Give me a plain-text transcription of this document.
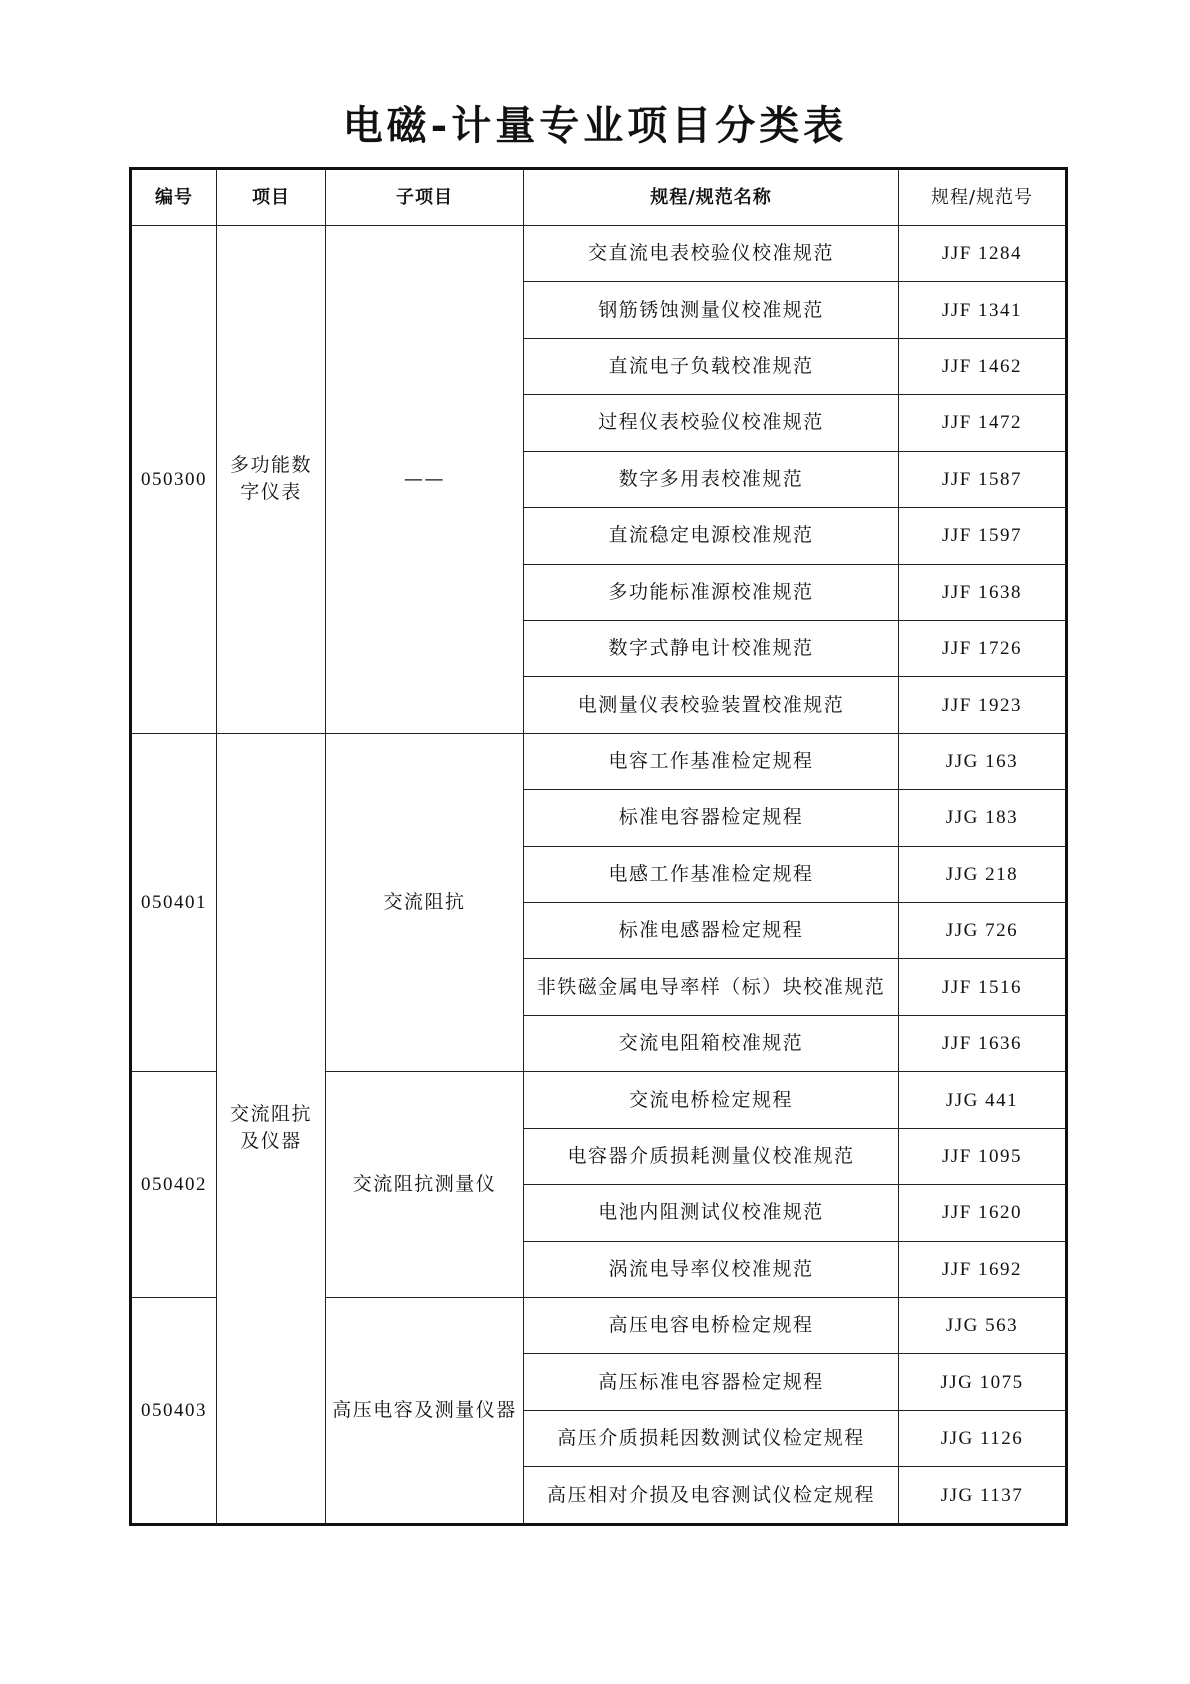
电磁-计量专业项目分类表
编号	项目	子项目	规程/规范名称	规程/规范号
050300	多功能数字仪表	——	交直流电表校验仪校准规范	JJF 1284
			钢筋锈蚀测量仪校准规范	JJF 1341
			直流电子负载校准规范	JJF 1462
			过程仪表校验仪校准规范	JJF 1472
			数字多用表校准规范	JJF 1587
			直流稳定电源校准规范	JJF 1597
			多功能标准源校准规范	JJF 1638
			数字式静电计校准规范	JJF 1726
			电测量仪表校验装置校准规范	JJF 1923
050401	交流阻抗及仪器	交流阻抗	电容工作基准检定规程	JJG 163
			标准电容器检定规程	JJG 183
			电感工作基准检定规程	JJG 218
			标准电感器检定规程	JJG 726
			非铁磁金属电导率样（标）块校准规范	JJF 1516
			交流电阻箱校准规范	JJF 1636
050402		交流阻抗测量仪	交流电桥检定规程	JJG 441
			电容器介质损耗测量仪校准规范	JJF 1095
			电池内阻测试仪校准规范	JJF 1620
			涡流电导率仪校准规范	JJF 1692
050403		高压电容及测量仪器	高压电容电桥检定规程	JJG 563
			高压标准电容器检定规程	JJG 1075
			高压介质损耗因数测试仪检定规程	JJG 1126
			高压相对介损及电容测试仪检定规程	JJG 1137
